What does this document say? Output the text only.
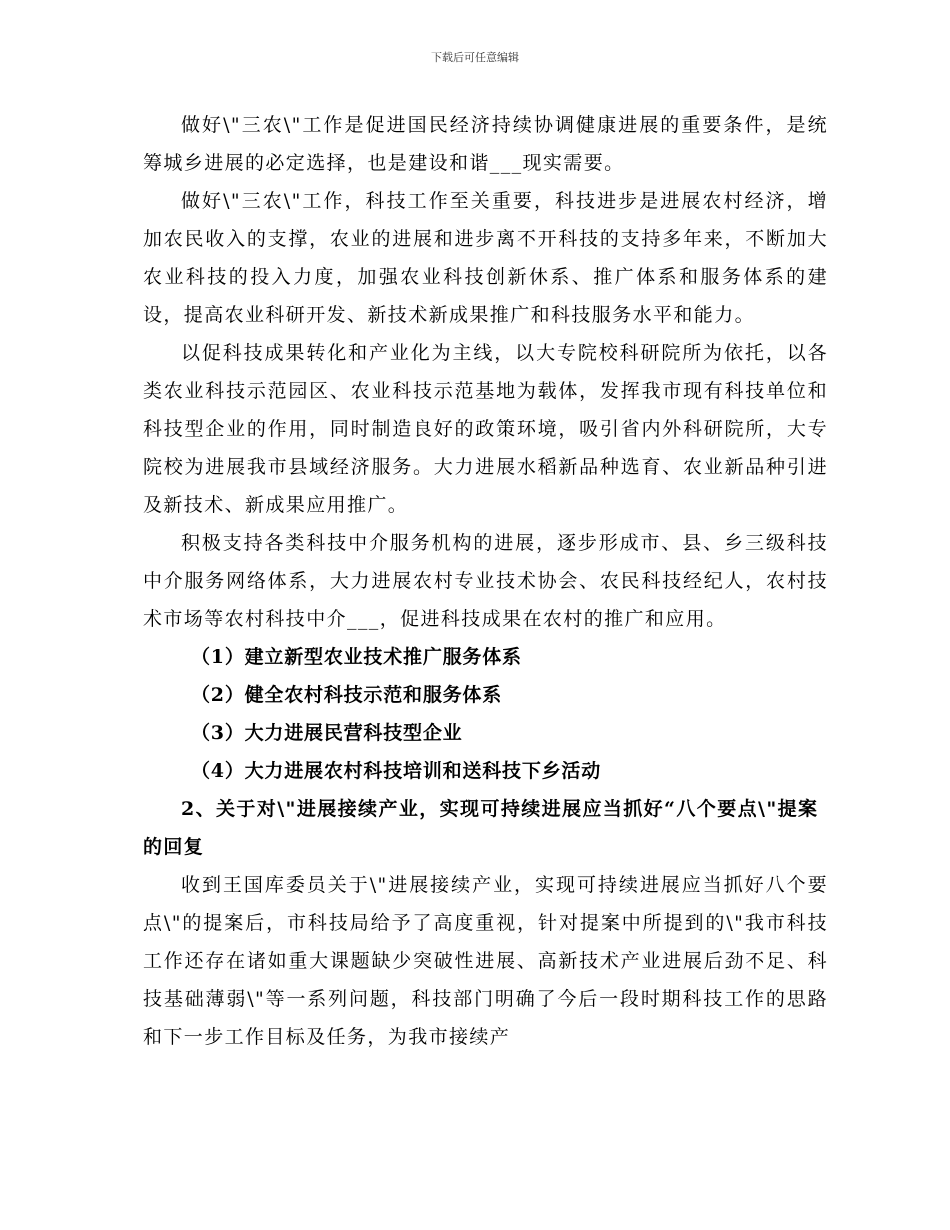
下载后可任意编辑

做好\"三农\"工作是促进国民经济持续协调健康进展的重要条件，是统筹城乡进展的必定选择，也是建设和谐___现实需要。

做好\"三农\"工作，科技工作至关重要，科技进步是进展农村经济，增加农民收入的支撑，农业的进展和进步离不开科技的支持多年来，不断加大农业科技的投入力度，加强农业科技创新休系、推广体系和服务体系的建设，提高农业科研开发、新技术新成果推广和科技服务水平和能力。

以促科技成果转化和产业化为主线，以大专院校科研院所为依托，以各类农业科技示范园区、农业科技示范基地为载体，发挥我市现有科技单位和科技型企业的作用，同时制造良好的政策环境，吸引省内外科研院所，大专院校为进展我市县域经济服务。大力进展水稻新品种选育、农业新品种引进及新技术、新成果应用推广。

积极支持各类科技中介服务机构的进展，逐步形成市、县、乡三级科技中介服务网络体系，大力进展农村专业技术协会、农民科技经纪人，农村技术市场等农村科技中介___，促进科技成果在农村的推广和应用。

（1）建立新型农业技术推广服务体系

（2）健全农村科技示范和服务体系

（3）大力进展民营科技型企业

（4）大力进展农村科技培训和送科技下乡活动

2、关于对\"进展接续产业，实现可持续进展应当抓好“八个要点\"提案的回复

收到王国库委员关于\"进展接续产业，实现可持续进展应当抓好八个要点\"的提案后，市科技局给予了高度重视，针对提案中所提到的\"我市科技工作还存在诸如重大课题缺少突破性进展、高新技术产业进展后劲不足、科技基础薄弱\"等一系列问题，科技部门明确了今后一段时期科技工作的思路和下一步工作目标及任务，为我市接续产
